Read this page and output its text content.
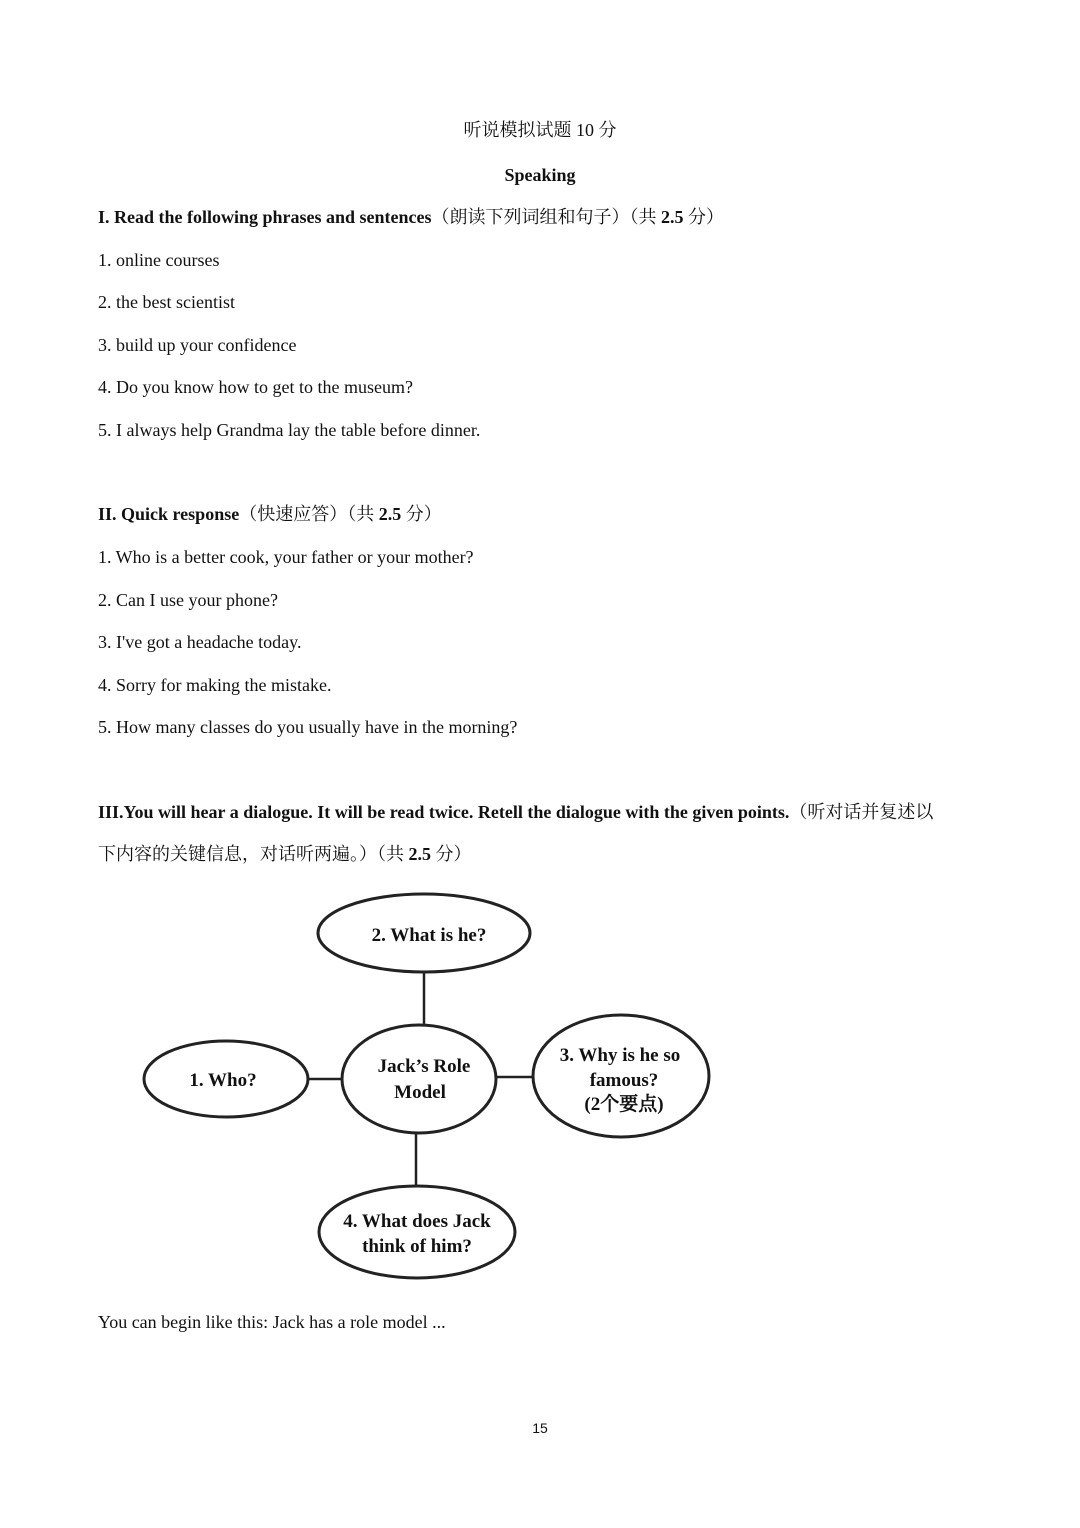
听说模拟试题 10 分
Speaking
I. Read the following phrases and sentences（朗读下列词组和句子）（共 2.5 分）
1. online courses
2. the best scientist
3. build up your confidence
4. Do you know how to get to the museum?
5. I always help Grandma lay the table before dinner.
II. Quick response（快速应答）（共 2.5 分）
1. Who is a better cook, your father or your mother?
2. Can I use your phone?
3. I've got a headache today.
4. Sorry for making the mistake.
5. How many classes do you usually have in the morning?
III.You will hear a dialogue. It will be read twice. Retell the dialogue with the given points.（听对话并复述以
下内容的关键信息，对话听两遍。）（共 2.5 分）
2. What is he?
Jack’s Role
Model
1. Who?
3. Why is he so
famous?
(2个要点)
4. What does Jack
think of him?
You can begin like this: Jack has a role model ...
15
